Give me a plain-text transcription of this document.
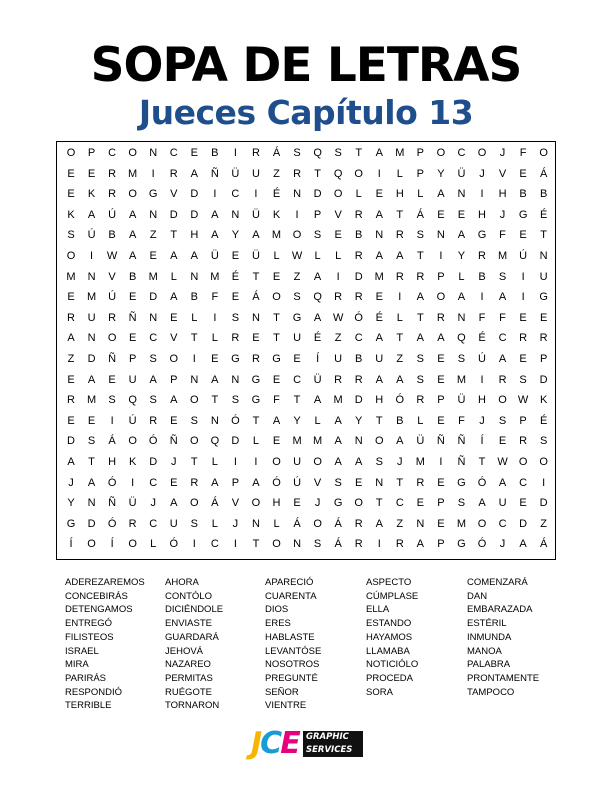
SOPA DE LETRAS
Jueces Capítulo 13
O	P	C	O	N	C	E	B	I	R	Á	S	Q	S	T	A	M	P	O	C	O	J	F	O
E	E	R	M	I	R	A	Ñ	Ü	U	Z	R	T	Q	O	I	L	P	Y	Ü	J	V	E	Á
E	K	R	O	G	V	D	I	C	I	É	N	D	O	L	E	H	L	A	N	I	H	B	B
K	A	Ú	A	N	D	D	A	N	Ü	K	I	P	V	R	A	T	Á	E	E	H	J	G	É
S	Ú	B	A	Z	T	H	A	Y	A	M	O	S	E	B	N	R	S	N	A	G	F	E	T
O	I	W	A	E	A	A	Ü	E	Ü	L	W	L	L	R	A	A	T	I	Y	R	M	Ú	N
M	N	V	B	M	L	N	M	É	T	E	Z	A	I	D	M	R	R	P	L	B	S	I	U
E	M	Ú	E	D	A	B	F	E	Á	O	S	Q	R	R	E	I	A	O	A	I	A	I	G
R	U	R	Ñ	N	E	L	I	S	N	T	G	A	W	Ó	É	L	T	R	N	F	F	E	E
A	N	O	E	C	V	T	L	R	E	T	U	É	Z	C	A	T	A	A	Q	É	C	R	R
Z	D	Ñ	P	S	O	I	E	G	R	G	E	Í	U	B	U	Z	S	E	S	Ú	A	E	P
E	A	E	U	A	P	N	A	N	G	E	C	Ü	R	R	A	A	S	E	M	I	R	S	D
R	M	S	Q	S	A	O	T	S	G	F	T	A	M	D	H	Ó	R	P	Ü	H	O	W	K
E	E	I	Ú	R	E	S	N	Ó	T	A	Y	L	A	Y	T	B	L	E	F	J	S	P	É
D	S	Á	O	Ó	Ñ	O	Q	D	L	E	M	M	A	N	O	A	Ü	Ñ	Ñ	Í	E	R	S
A	T	H	K	D	J	T	L	I	I	O	U	O	A	A	S	J	M	I	Ñ	T	W	O	O
J	A	Ó	I	C	E	R	A	P	A	Ó	Ú	V	S	E	N	T	R	E	G	Ó	A	C	I
Y	N	Ñ	Ü	J	A	O	Á	V	O	H	E	J	G	O	T	C	E	P	S	A	U	E	D
G	D	Ó	R	C	U	S	L	J	N	L	Á	O	Á	R	A	Z	N	E	M	O	C	D	Z
Í	O	Í	O	L	Ó	I	C	I	T	O	N	S	Á	R	I	R	A	P	G	Ó	J	A	Á
ADEREZAREMOS
CONCEBIRÁS
DETENGAMOS
ENTREGÓ
FILISTEOS
ISRAEL
MIRA
PARIRÁS
RESPONDIÓ
TERRIBLE
AHORA
CONTÓLO
DICIÉNDOLE
ENVIASTE
GUARDARÁ
JEHOVÁ
NAZAREO
PERMITAS
RUÉGOTE
TORNARON
APARECIÓ
CUARENTA
DIOS
ERES
HABLASTE
LEVANTÓSE
NOSOTROS
PREGUNTÉ
SEÑOR
VIENTRE
ASPECTO
CÚMPLASE
ELLA
ESTANDO
HAYAMOS
LLAMABA
NOTICIÓLO
PROCEDA
SORA
COMENZARÁ
DAN
EMBARAZADA
ESTÉRIL
INMUNDA
MANOA
PALABRA
PRONTAMENTE
TAMPOCO
JCE GRAPHIC
SERVICES
